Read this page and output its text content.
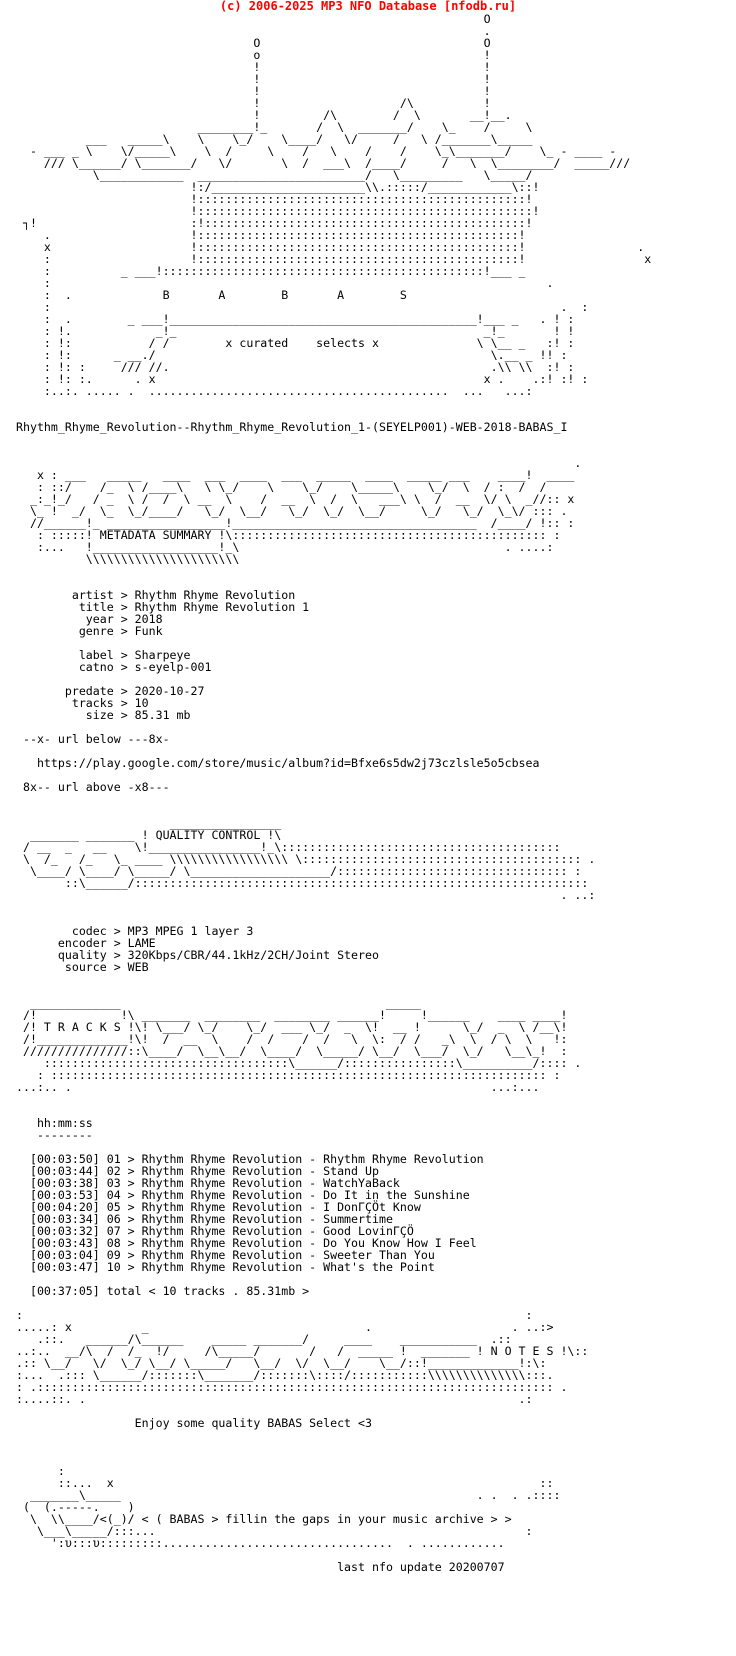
(c) 2006-2025 MP3 NFO Database [nfodb.ru]
O
.
O                                O
o                                !
!                                !
!                                !
!                                !
!                    /\          !
!         /\        /  \       __!__.
________!_       /  \  _______/    \_    /     \
___   _____\    \    \_/    \____/   \/     /   \ /_______\_____
- ___ _ \    \/_____\    \  /     \    /   \    /    /    \_\_______/    \_ - ____ -
/// \______/ \_______/   \/       \  /  ___\  /____/     /   \  \________/  _____///
\____________  ________________________/   \_________   \_____/
!:/______________________\\.:::::/____________\::!
!:::::::::::::::::::::::::::::::::::::::::::::::!
!::::::::::::::::::::::::::::::::::::::::::::::::!
┐!                      :!::::::::::::::::::::::::::::::::::::::::::::::!
.                    !::::::::::::::::::::::::::::::::::::::::::::::!
x                    !::::::::::::::::::::::::::::::::::::::::::::::!                .
:                    !::::::::::::::::::::::::::::::::::::::::::::::!                 x
:          _ ___!::::::::::::::::::::::::::::::::::::::::::::::!___ _
:                                                                       .
:  .             B       A        B       A        S
:                                                                         .  :
:  .        _ ___!____________________________________________!___ _   . ! :
: !.            _!_                                            _!_       ! !
: !:           / /        x curated    selects x              \ \__ _   :! :
: !:      _ __./                                                \.__ _ !! :
: !: :     /// //.                                              .\\ \\  :! :
: !: :.      . x                                               x .    .:! :! :
:..:. ..... .  ...........................................  ...   ...:

Rhythm_Rhyme_Revolution--Rhythm_Rhyme_Revolution_1-(SEYELP001)-WEB-2018-BABAS_I

.
x : ___   _____   ____  ___  ____  ___  _____  ____  _____ ___    ____!  ____
: ::/    /_  \ /____\   \ \_/    \    \_/    \_____\    \_/  \  / :  /  /
_:_!_/   / _  \ /  /  \ __  \    /  __  \  /  \   ___\ \  /  __  \/ \  _//:: x
\_ !  _/  \_  \_/____/   \_/  \__/   \_/  \_/  \__/     \_/   \_/  \_\/ ::: .
//______!_ _________________!___________________________________  /____/ !:: :
: :::::! METADATA SUMMARY !\::::::::::::::::::::::::::::::::::::::::::::: :
:...   !__________________!_\                                      . ....:
\\\\\\\\\\\\\\\\\\\\\\

artist > Rhythm Rhyme Revolution
title > Rhythm Rhyme Revolution 1
year > 2018
genre > Funk

label > Sharpeye
catno > s-eyelp-001

predate > 2020-10-27
tracks > 10
size > 85.31 mb

--x- url below ---8x-

https://play.google.com/store/music/album?id=Bfxe6s5dw2j73czlsle5o5cbsea

8x-- url above -x8---

________________
_______ _______ ! QUALITY CONTROL !\
/ __  _   __    \!________________!_\::::::::::::::::::::::::::::::::::::::::
\  /_   /_   \_ ____ \\\\\\\\\\\\\\\\\ \:::::::::::::::::::::::::::::::::::::::: .
\____/ \____/ \_____/ \____________________/::::::::::::::::::::::::::::::::: :
::\______/:::::::::::::::::::::::::::::::::::::::::::::::::::::::::::::::::
. ..:

codec > MP3 MPEG 1 layer 3
encoder > LAME
quality > 320Kbps/CBR/44.1kHz/2CH/Joint Stereo
source > WEB

_____________                                      _____
/!            !\ _______  ________  ________ ______!     !______    ____ ____!
/! T R A C K S !\! \___/ \_/    \_/  ___ \_/  _  \!  __ !      \_/  _  \ /__\!
/!_____________!\!  /  __  \    /  /    /  /   \  \:  / /   _\  \  / \  \   !:
///////////////::\____/  \__\__/  \____/  \_____/ \__/  \___/  \_/   \__\_!  :
:::::::::::::::::::::::::::::::::::\______/::::::::::::::::\__________/:::: .
: ::::::::::::::::::::::::::::::::::::::::::::::::::::::::::::::::::::::: :
...:.. .                                                            ...:...

hh:mm:ss
--------

[00:03:50] 01 > Rhythm Rhyme Revolution - Rhythm Rhyme Revolution
[00:03:44] 02 > Rhythm Rhyme Revolution - Stand Up
[00:03:38] 03 > Rhythm Rhyme Revolution - WatchYaBack
[00:03:53] 04 > Rhythm Rhyme Revolution - Do It in the Sunshine
[00:04:20] 05 > Rhythm Rhyme Revolution - I DonΓÇÖt Know
[00:03:34] 06 > Rhythm Rhyme Revolution - Summertime
[00:03:32] 07 > Rhythm Rhyme Revolution - Good LovinΓÇÖ
[00:03:43] 08 > Rhythm Rhyme Revolution - Do You Know How I Feel
[00:03:04] 09 > Rhythm Rhyme Revolution - Sweeter Than You
[00:03:47] 10 > Rhythm Rhyme Revolution - What's the Point

[00:37:05] total < 10 tracks . 85.31mb >

:                                                                        :
.....: x          _                               .                    . ..:>
.::.   ______/\______    _____ _______/     ____    ___________  .::
..:..  __/\  /  /_  !/     /\_____/       /   /  _____ !  _______ ! N O T E S !\::
.:: \__/   \/  \_/ \__/ \_____/   \__/  \/  \__/    \__/::!_____________!:\:
:...  .::: \______/:::::::\_______/:::::::\::::/:::::::::::\\\\\\\\\\\\\\:::.
: .:::::::::::::::::::::::::::::::::::::::::::::::::::::::::::::::::::::::::: .
:....::. .                                                              .:

Enjoy some quality BABAS Select <3

:
::...  x                                                             ::
_______\_____                                                   . .  . .::::
(  (.-----.    )
\  \\____/<(_)/ < ( BABAS > fillin the gaps in your music archive > >
\___\_____/:::...                                                     :
':υ:::υ:::::::::.................................  . ............

last nfo update 20200707
